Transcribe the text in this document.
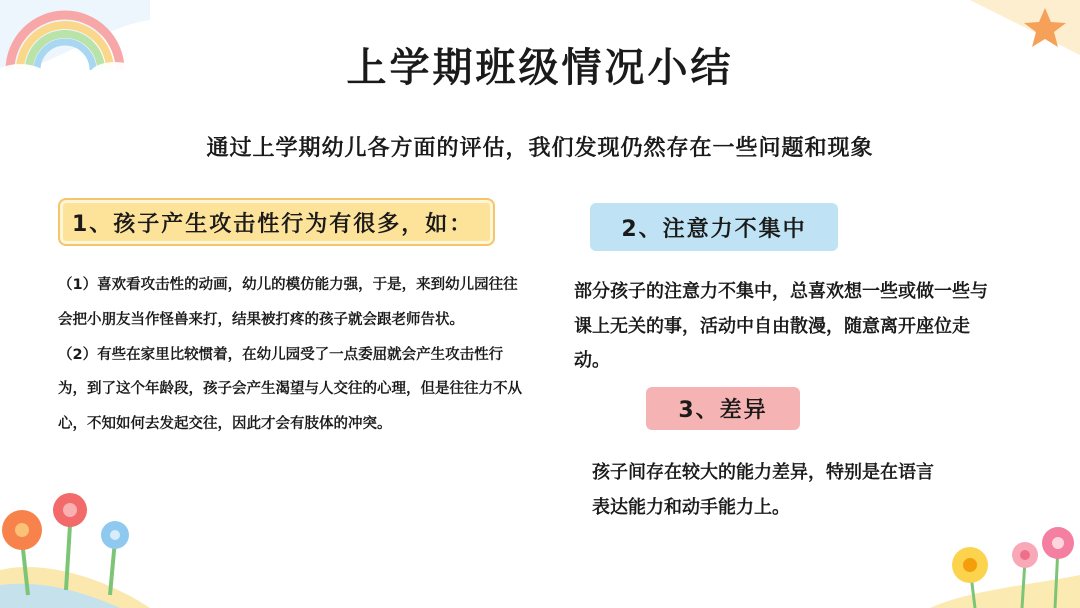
上学期班级情况小结
通过上学期幼儿各方面的评估，我们发现仍然存在一些问题和现象
1、孩子产生攻击性行为有很多，如：

（1）喜欢看攻击性的动画，幼儿的模仿能力强，于是，来到幼儿园往往会把小朋友当作怪兽来打，结果被打疼的孩子就会跟老师告状。

（2）有些在家里比较惯着，在幼儿园受了一点委屈就会产生攻击性行为，到了这个年龄段，孩子会产生渴望与人交往的心理，但是往往力不从心，不知如何去发起交往，因此才会有肢体的冲突。

2、注意力不集中
部分孩子的注意力不集中，总喜欢想一些或做一些与课上无关的事，活动中自由散漫，随意离开座位走动。
3、差异
孩子间存在较大的能力差异，特别是在语言表达能力和动手能力上。
